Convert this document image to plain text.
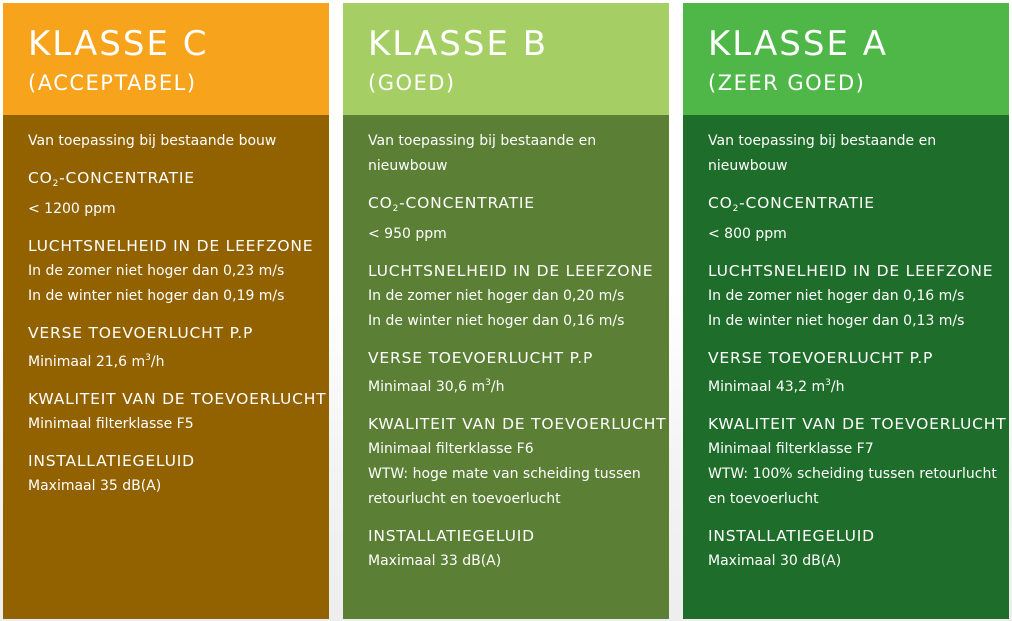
KLASSE C
(ACCEPTABEL)

Van toepassing bij bestaande bouw

$CO_2$-CONCENTRATIE

< 1200 ppm

LUCHTSNELHEID IN DE LEEFZONE

In de zomer niet hoger dan 0,23 m/s

In de winter niet hoger dan 0,19 m/s

VERSE TOEVOERLUCHT P.P

Minimaal 21,6 $m^3/h$

KWALITEIT VAN DE TOEVOERLUCHT

Minimaal filterklasse F5

INSTALLATIEGELUID

Maximaal 35 dB(A)

KLASSE B
(GOED)

Van toepassing bij bestaande en

nieuwbouw

$CO_2$-CONCENTRATIE

< 950 ppm

LUCHTSNELHEID IN DE LEEFZONE

In de zomer niet hoger dan 0,20 m/s

In de winter niet hoger dan 0,16 m/s

VERSE TOEVOERLUCHT P.P

Minimaal 30,6 $m^3/h$

KWALITEIT VAN DE TOEVOERLUCHT

Minimaal filterklasse F6

WTW: hoge mate van scheiding tussen

retourlucht en toevoerlucht

INSTALLATIEGELUID

Maximaal 33 dB(A)

KLASSE A
(ZEER GOED)

Van toepassing bij bestaande en

nieuwbouw

$CO_2$-CONCENTRATIE

< 800 ppm

LUCHTSNELHEID IN DE LEEFZONE

In de zomer niet hoger dan 0,16 m/s

In de winter niet hoger dan 0,13 m/s

VERSE TOEVOERLUCHT P.P

Minimaal 43,2 $m^3/h$

KWALITEIT VAN DE TOEVOERLUCHT

Minimaal filterklasse F7

WTW: 100% scheiding tussen retourlucht

en toevoerlucht

INSTALLATIEGELUID

Maximaal 30 dB(A)
